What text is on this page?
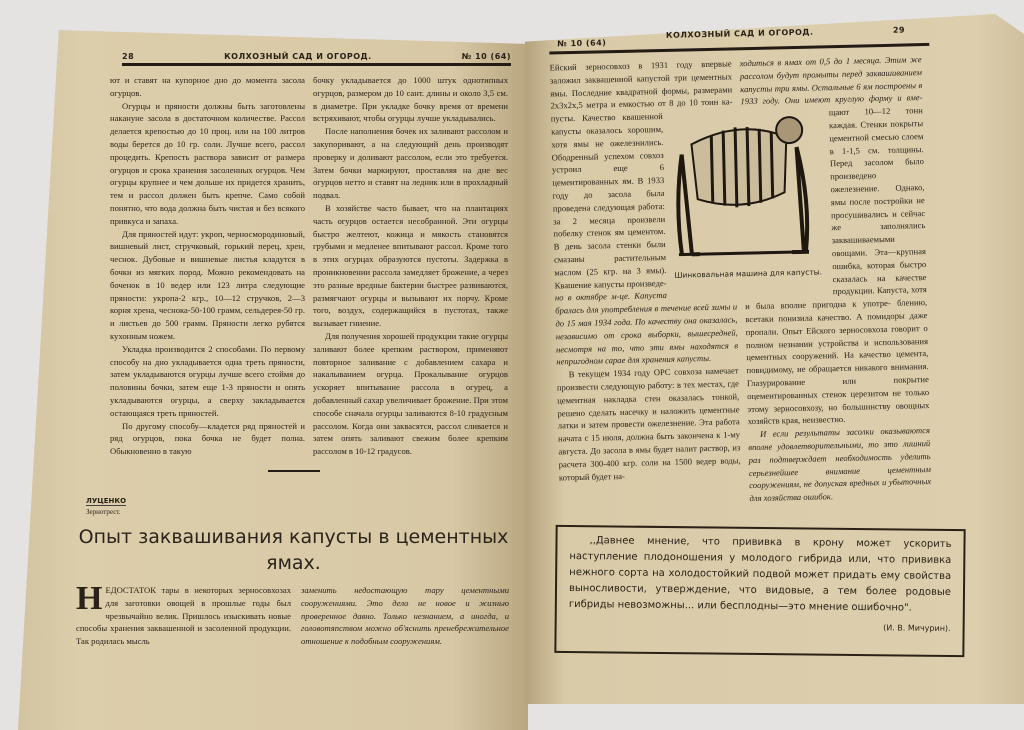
28	КОЛХОЗНЫЙ САД И ОГОРОД.	№ 10 (64)

ют и ставят на купорное дно до момента засола огурцов.

Огурцы и пряности должны быть заготовлены накануне засола в достаточном количестве. Рассол делается крепостью до 10 проц. или на 100 литров воды берется до 10 гр. соли. Лучше всего, рассол процедить. Крепость раствора зависит от размера огурцов и срока хранения засоленных огурцов. Чем огурцы крупнее и чем дольше их придется хранить, тем и рассол должен быть крепче. Само собой понятно, что вода должна быть чистая и без всякого привкуса и запаха.

Для пряностей идут: укроп, черносмородиновый, вишневый лист, стручковый, горький перец, хрен, чеснок. Дубовые и вишневые листья кладутся в бочки из мягких пород. Можно рекомендовать на боченок в 10 ведер или 123 литра следующие пряности: укропа-2 кгр., 10—12 стручков, 2—3 корня хрена, чеснока-50-100 грамм, сельдерея-50 гр. и листьев до 500 грамм. Пряности легко рубятся кухонным ножем.

Укладка производится 2 способами. По первому способу на дно укладывается одна треть пряности, затем укладываются огурцы лучше всего стоймя до половины бочки, затем еще 1-3 пряности и опять укладываются огурцы, а сверху закладывается остающаяся треть пряностей.

По другому способу—кладется ряд пряностей и ряд огурцов, пока бочка не будет полна. Обыкновенно в такую

бочку укладывается до 1000 штук однотипных огурцов, размером до 10 сант. длины и около 3,5 см. в диаметре. При укладке бочку время от времени встряхивают, чтобы огурцы лучше укладывались.

После наполнения бочек их заливают рассолом и закупоривают, а на следующий день производят проверку и доливают рассолом, если это требуется. Затем бочки маркируют, проставляя на дне вес огурцов нетто и ставят на ледник или в прохладный подвал.

В хозяйстве часто бывает, что на плантациях часть огурцов остается несобранной. Эти огурцы быстро желтеют, кожица и мякость становятся грубыми и медленее впитывают рассол. Кроме того в этих огурцах образуются пустоты. Задержка в проникновении рассола замедляет брожение, а через это разные вредные бактерии быстрее развиваются, размягчают огурцы и вызывают их порчу. Кроме того, воздух, содержащийся в пустотах, также вызывает гниение.

Для получения хорошей продукции такие огурцы заливают более крепким раствором, применяют повторное заливание с добавлением сахара и накалыванием огурца. Прокалывание огурцов ускоряет впитывание рассола в огурец, а добавленный сахар увеличивает брожение. При этом способе сначала огурцы заливаются 8-10 градусным рассолом. Когда они заквасятся, рассол сливается и затем опять заливают свежим более крепким рассолом в 10-12 градусов.

ЛУЦЕНКО
Зернотрест.
Опыт заквашивания капусты в цементных ямах.
НЕДОСТАТОК тары в некоторых зерносовхозах для заготовки овощей в прошлые годы был чрезвычайно велик. Пришлось изыскивать новые способы хранения заквашенной и засоленной продукции. Так родилась мысль
заменить недостающую тару цементными сооружениями. Это дело не новое и жизнью проверенное давно. Только незнанием, а иногда, и головотяпством можно об'яснить пренебрежительное отношение к подобным сооружениям.
№ 10 (64)
КОЛХОЗНЫЙ САД И ОГОРОД.	29

Ейский зерносовхоз в 1931 году впервые заложил заквашенной капустой три цементных ямы. Последние квадратной формы, размерами 2x3x2x,5 метра и емкостью от 8 до 10 тонн ка- пусты. Качество квашенной капусты оказалось хорошим, хотя ямы не ожелезнились. Ободренный успехом совхоз устроил еще 6 цементированных ям. В 1933 году до засола была проведена следующая работа: за 2 месяца произвели побелку стенок ям цементом. В день засола стенки были смазаны растительным маслом (25 кгр. на 3 ямы). Квашение капусты произведе- но в октябре м-це. Капуста бралась для употребления в течение всей зимы и до 15 мая 1934 года. По качеству она оказалась, независимо от срока выборки, вышесредней, несмотря на то, что эти ямы находятся в непригодном сарае для хранения капусты.

В текущем 1934 году ОРС совхоза намечает произвести следующую работу: в тех местах, где цементная накладка стен оказалась тонкой, решено сделать насечку и наложить цементные латки и затем провести ожелезнение. Эта работа начата с 15 июля, должна быть закончена к 1-му августа. До засола в ямы будет налит раствор, из расчета 300-400 кгр. соли на 1500 ведер воды, который будет на-

ходиться в ямах от 0,5 до 1 месяца. Этим же рассолом будут промыты перед заквашиванием капусты три ямы. Остальные 6 ям построены в 1933 году. Они имеют круглую форму и вме- щают 10—12 тонн каждая. Стенки покрыты цементной смесью слоем в 1-1,5 см. толщины. Перед засолом было произведено ожелезнение. Однако, ямы после постройки не просушивались и сейчас же заполнялись заквашиваемыми овощами. Эта—крупная ошибка, которая быстро сказалась на качестве продукции. Капуста, хотя и была вполне пригодна к употре- блению, всетаки понизила качество. А помидоры даже пропали. Опыт Ейского зерносовхоза говорит о полном незнании устройства и использования цементных сооружений. На качество цемента, повидимому, не обращается никакого внимания. Глазурирование или покрытие оцементированных стенок церезитом не только этому зерносовхозу, но большинству овощных хозяйств края, неизвестно.

И если результаты засолки оказываются вполне удовлетворительными, то это лишний раз подтверждает необходимость уделить серьезнейшее внимание цементным сооружениям, не допуская вредных и убыточных для хозяйства ошибок.

Шинковальная машина для капусты.
,,Давнее мнение, что прививка в крону может ускорить наступление плодоношения у молодого гибрида или, что прививка нежного сорта на холодостойкий подвой может придать ему свойства выносливости, утверждение, что видовые, а тем более родовые гибриды невозможны... или бесплодны—это мнение ошибочно".
(И. В. Мичурин).
